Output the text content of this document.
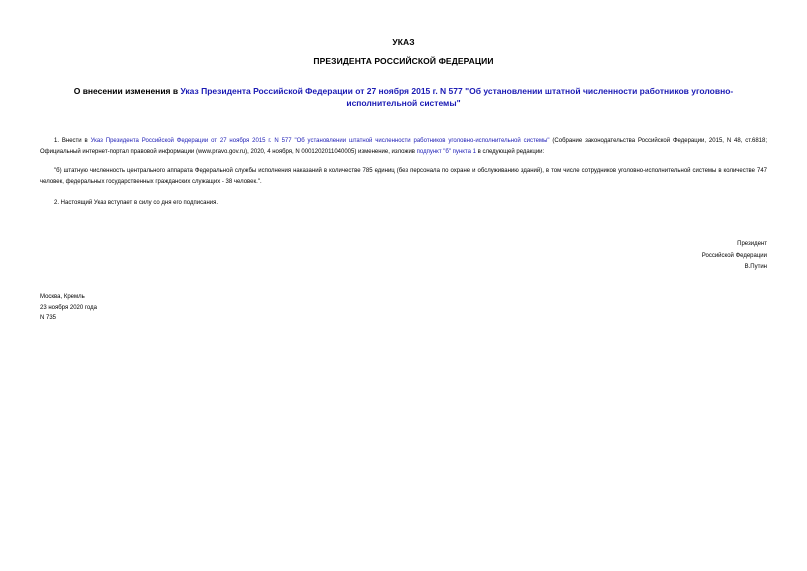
УКАЗ
ПРЕЗИДЕНТА РОССИЙСКОЙ ФЕДЕРАЦИИ
О внесении изменения в Указ Президента Российской Федерации от 27 ноября 2015 г. N 577 "Об установлении штатной численности работников уголовно-исполнительной системы"
1. Внести в Указ Президента Российской Федерации от 27 ноября 2015 г. N 577 "Об установлении штатной численности работников уголовно-исполнительной системы" (Собрание законодательства Российской Федерации, 2015, N 48, ст.6818; Официальный интернет-портал правовой информации (www.pravo.gov.ru), 2020, 4 ноября, N 0001202011040005) изменение, изложив подпункт "б" пункта 1 в следующей редакции:
"б) штатную численность центрального аппарата Федеральной службы исполнения наказаний в количестве 785 единиц (без персонала по охране и обслуживанию зданий), в том числе сотрудников уголовно-исполнительной системы в количестве 747 человек, федеральных государственных гражданских служащих - 38 человек.".
2. Настоящий Указ вступает в силу со дня его подписания.
Президент
Российской Федерации
В.Путин
Москва, Кремль
23 ноября 2020 года
N 735
